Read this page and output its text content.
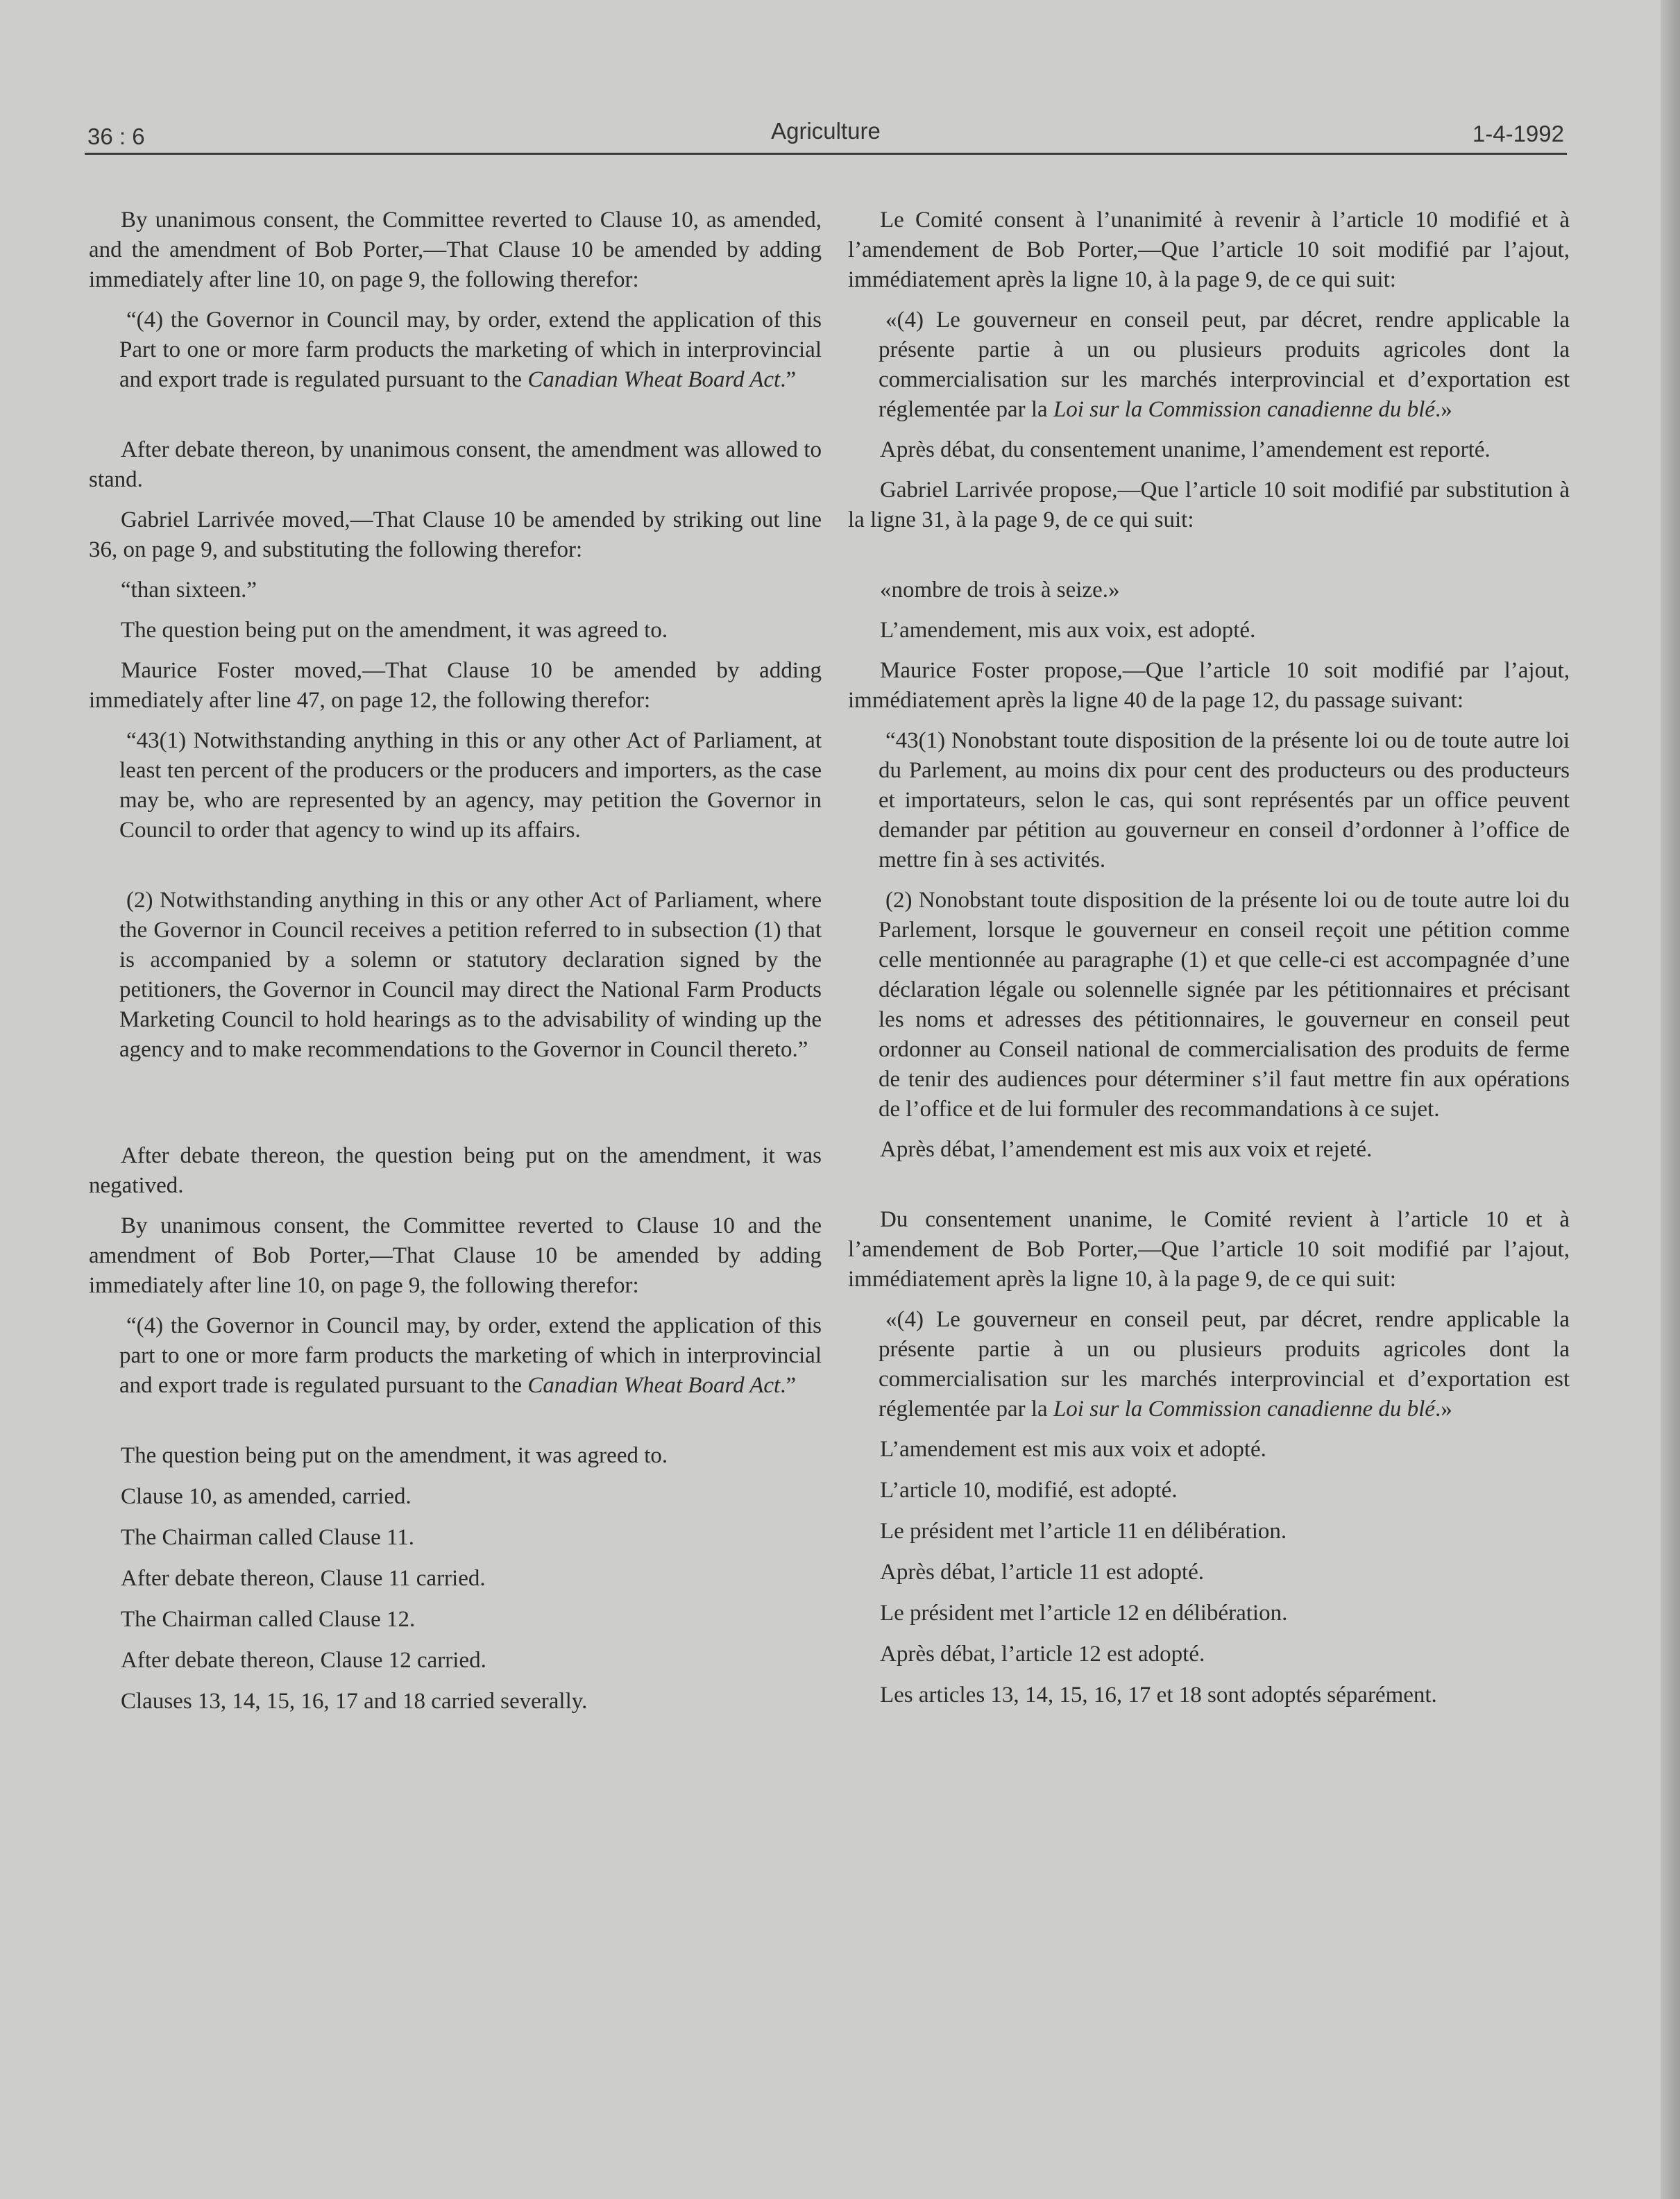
36 : 6	Agriculture	1-4-1992

By unanimous consent, the Committee reverted to Clause 10, as amended, and the amendment of Bob Porter,—That Clause 10 be amended by adding immediately after line 10, on page 9, the following therefor:

“(4) the Governor in Council may, by order, extend the application of this Part to one or more farm products the marketing of which in interprovincial and export trade is regulated pursuant to the Canadian Wheat Board Act.”

After debate thereon, by unanimous consent, the amendment was allowed to stand.

Gabriel Larrivée moved,—That Clause 10 be amended by striking out line 36, on page 9, and substituting the following therefor:

“than sixteen.”

The question being put on the amendment, it was agreed to.

Maurice Foster moved,—That Clause 10 be amended by adding immediately after line 47, on page 12, the following therefor:

“43(1) Notwithstanding anything in this or any other Act of Parliament, at least ten percent of the producers or the producers and importers, as the case may be, who are represented by an agency, may petition the Governor in Council to order that agency to wind up its affairs.

(2) Notwithstanding anything in this or any other Act of Parliament, where the Governor in Council receives a petition referred to in subsection (1) that is accompanied by a solemn or statutory declaration signed by the petitioners, the Governor in Council may direct the National Farm Products Marketing Council to hold hearings as to the advisability of winding up the agency and to make recommendations to the Governor in Council thereto.”

After debate thereon, the question being put on the amendment, it was negatived.

By unanimous consent, the Committee reverted to Clause 10 and the amendment of Bob Porter,—That Clause 10 be amended by adding immediately after line 10, on page 9, the following therefor:

“(4) the Governor in Council may, by order, extend the application of this part to one or more farm products the marketing of which in interprovincial and export trade is regulated pursuant to the Canadian Wheat Board Act.”

The question being put on the amendment, it was agreed to.

Clause 10, as amended, carried.

The Chairman called Clause 11.

After debate thereon, Clause 11 carried.

The Chairman called Clause 12.

After debate thereon, Clause 12 carried.

Clauses 13, 14, 15, 16, 17 and 18 carried severally.

Le Comité consent à l’unanimité à revenir à l’article 10 modifié et à l’amendement de Bob Porter,—Que l’article 10 soit modifié par l’ajout, immédiatement après la ligne 10, à la page 9, de ce qui suit:

«(4) Le gouverneur en conseil peut, par décret, rendre applicable la présente partie à un ou plusieurs produits agricoles dont la commercialisation sur les marchés interprovincial et d’exportation est réglementée par la Loi sur la Commission canadienne du blé.»

Après débat, du consentement unanime, l’amendement est reporté.

Gabriel Larrivée propose,—Que l’article 10 soit modifié par substitution à la ligne 31, à la page 9, de ce qui suit:

«nombre de trois à seize.»

L’amendement, mis aux voix, est adopté.

Maurice Foster propose,—Que l’article 10 soit modifié par l’ajout, immédiatement après la ligne 40 de la page 12, du passage suivant:

“43(1) Nonobstant toute disposition de la présente loi ou de toute autre loi du Parlement, au moins dix pour cent des producteurs ou des producteurs et importateurs, selon le cas, qui sont représentés par un office peuvent demander par pétition au gouverneur en conseil d’ordonner à l’office de mettre fin à ses activités.

(2) Nonobstant toute disposition de la présente loi ou de toute autre loi du Parlement, lorsque le gouverneur en conseil reçoit une pétition comme celle mentionnée au paragraphe (1) et que celle-ci est accompagnée d’une déclaration légale ou solennelle signée par les pétitionnaires et précisant les noms et adresses des pétitionnaires, le gouverneur en conseil peut ordonner au Conseil national de commercialisation des produits de ferme de tenir des audiences pour déterminer s’il faut mettre fin aux opérations de l’office et de lui formuler des recommandations à ce sujet.

Après débat, l’amendement est mis aux voix et rejeté.

Du consentement unanime, le Comité revient à l’article 10 et à l’amendement de Bob Porter,—Que l’article 10 soit modifié par l’ajout, immédiatement après la ligne 10, à la page 9, de ce qui suit:

«(4) Le gouverneur en conseil peut, par décret, rendre applicable la présente partie à un ou plusieurs produits agricoles dont la commercialisation sur les marchés interprovincial et d’exportation est réglementée par la Loi sur la Commission canadienne du blé.»

L’amendement est mis aux voix et adopté.

L’article 10, modifié, est adopté.

Le président met l’article 11 en délibération.

Après débat, l’article 11 est adopté.

Le président met l’article 12 en délibération.

Après débat, l’article 12 est adopté.

Les articles 13, 14, 15, 16, 17 et 18 sont adoptés séparément.
